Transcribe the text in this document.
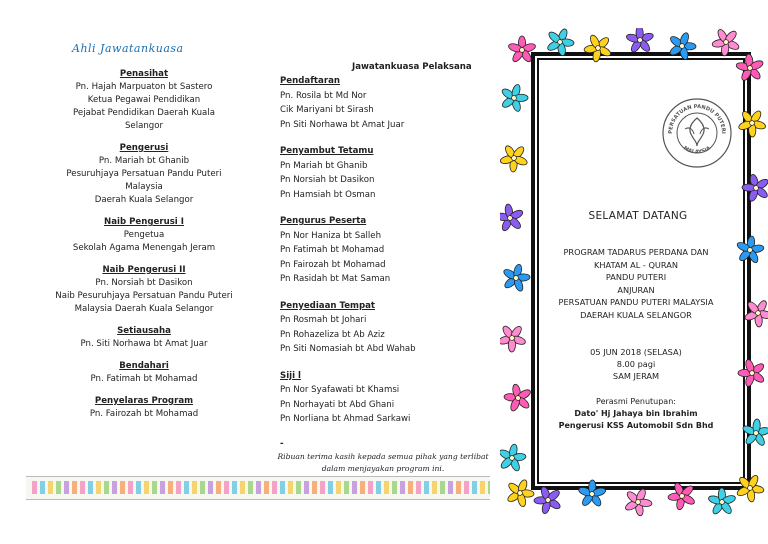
Ahli Jawatankuasa
Penasihat
Pn. Hajah Marpuaton bt Sastero
Ketua Pegawai Pendidikan
Pejabat Pendidikan Daerah Kuala
Selangor
Pengerusi
Pn. Mariah bt Ghanib
Pesuruhjaya Persatuan Pandu Puteri
Malaysia
Daerah Kuala Selangor
Naib Pengerusi I
Pengetua
Sekolah Agama Menengah Jeram
Naib Pengerusi II
Pn. Norsiah bt Dasikon
Naib Pesuruhjaya Persatuan Pandu Puteri
Malaysia Daerah Kuala Selangor
Setiausaha
Pn. Siti Norhawa bt Amat Juar
Bendahari
Pn. Fatimah bt Mohamad
Penyelaras Program
Pn. Fairozah bt Mohamad
Jawatankuasa Pelaksana
Pendaftaran
Pn. Rosila bt Md Nor
Cik Mariyani bt Sirash
Pn Siti Norhawa bt Amat Juar
Penyambut Tetamu
Pn Mariah bt Ghanib
Pn Norsiah bt Dasikon
Pn Hamsiah bt Osman
Pengurus Peserta
Pn Nor Haniza bt Salleh
Pn Fatimah bt Mohamad
Pn Fairozah bt Mohamad
Pn Rasidah bt Mat Saman
Penyediaan Tempat
Pn Rosmah bt Johari
Pn Rohazeliza bt Ab Aziz
Pn Siti Nomasiah bt Abd Wahab
Siji l
Pn Nor Syafawati bt Khamsi
Pn Norhayati bt Abd Ghani
Pn Norliana bt Ahmad Sarkawi
-
Ribuan terima kasih kepada semua pihak yang terlibat
dalam menjayakan program ini.
PERSATUAN PANDU PUTERI
MALAYSIA
SELAMAT DATANG
PROGRAM TADARUS PERDANA DAN
KHATAM AL - QURAN
PANDU PUTERI
ANJURAN
PERSATUAN PANDU PUTERI MALAYSIA
DAERAH KUALA SELANGOR
05 JUN 2018 (SELASA)
8.00 pagi
SAM JERAM
Perasmi Penutupan:
Dato' Hj Jahaya bin Ibrahim
Pengerusi KSS Automobil Sdn Bhd
